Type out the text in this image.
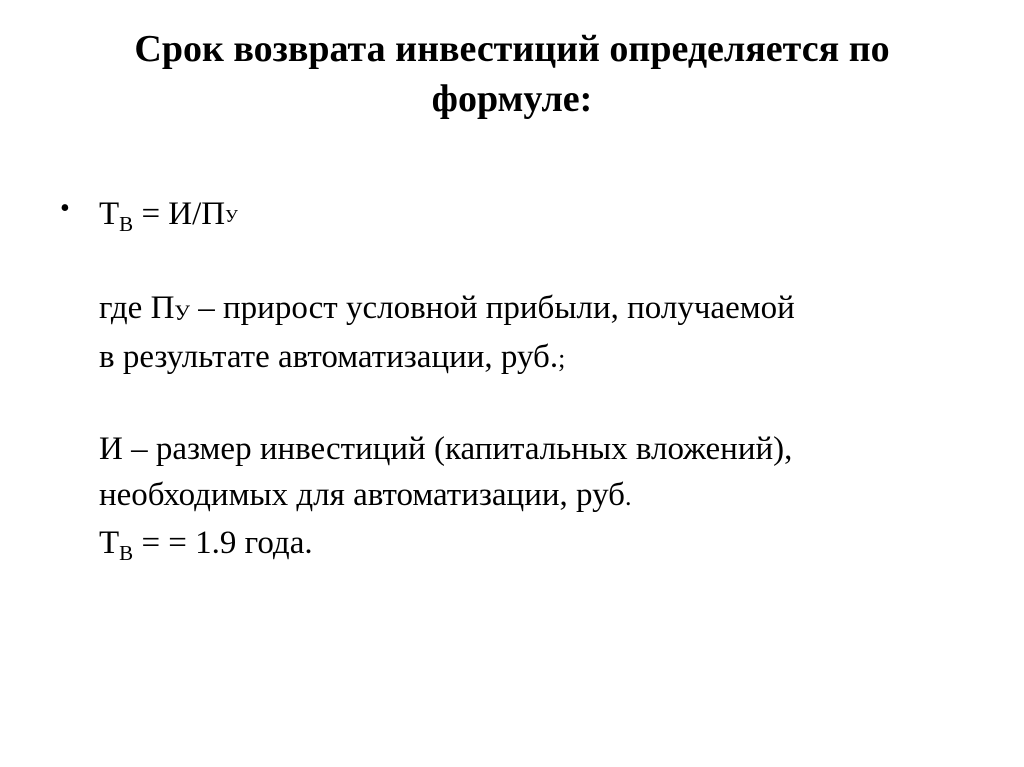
Срок возврата инвестиций определяется по
формуле:
• $Т_В = И/ПУ$
где ПУ – прирост условной прибыли, получаемой
в результате автоматизации, руб.;
И – размер инвестиций (капитальных вложений),
необходимых для автоматизации, руб.
$Т_В$ = = 1.9 года.
